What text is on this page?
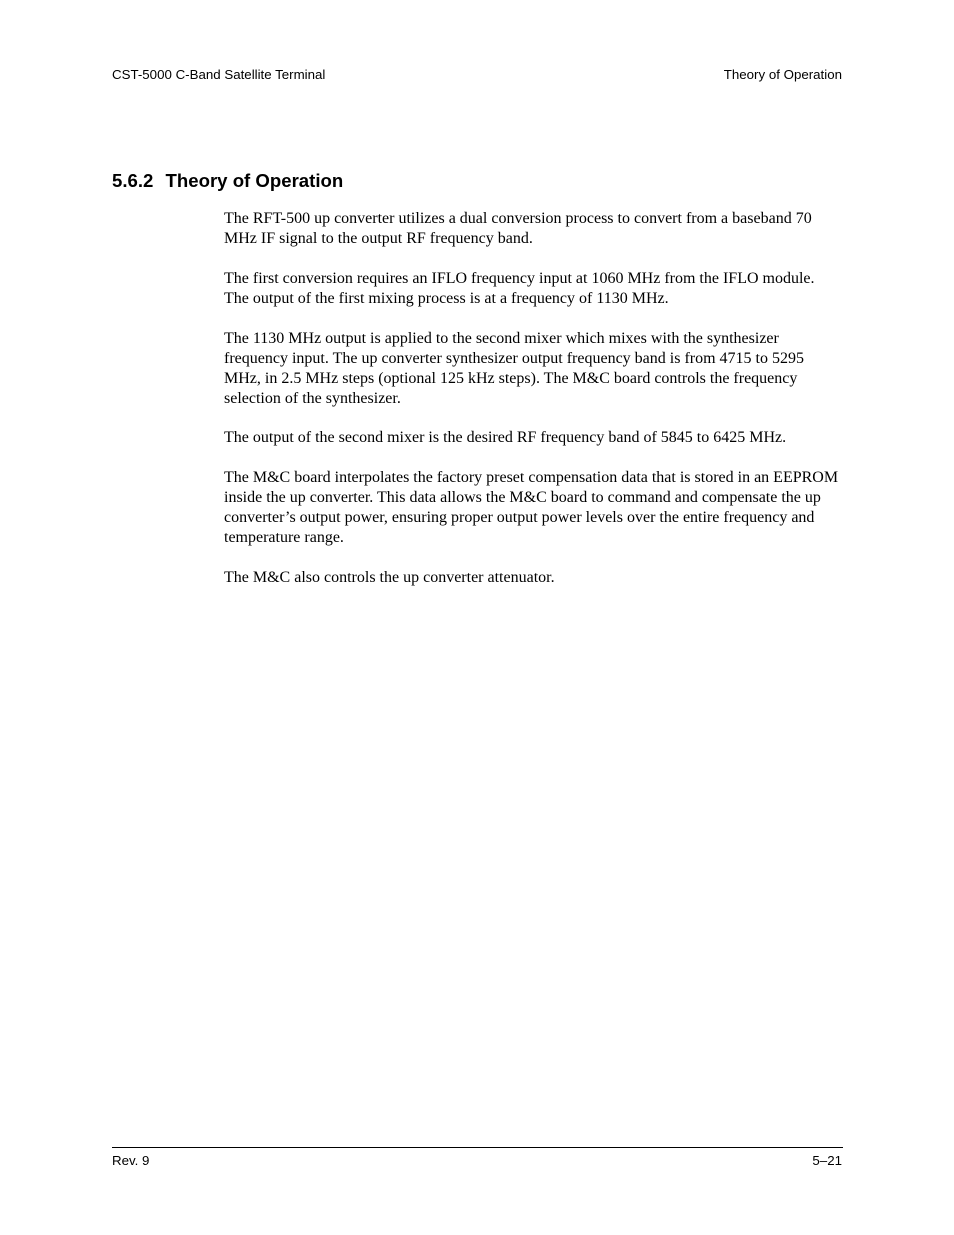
CST-5000 C-Band Satellite Terminal	Theory of Operation
5.6.2 Theory of Operation

The RFT-500 up converter utilizes a dual conversion process to convert from a baseband 70 MHz IF signal to the output RF frequency band.

The first conversion requires an IFLO frequency input at 1060 MHz from the IFLO module. The output of the first mixing process is at a frequency of 1130 MHz.

The 1130 MHz output is applied to the second mixer which mixes with the synthesizer frequency input. The up converter synthesizer output frequency band is from 4715 to 5295 MHz, in 2.5 MHz steps (optional 125 kHz steps). The M&C board controls the frequency selection of the synthesizer.

The output of the second mixer is the desired RF frequency band of 5845 to 6425 MHz.

The M&C board interpolates the factory preset compensation data that is stored in an EEPROM inside the up converter. This data allows the M&C board to command and compensate the up converter’s output power, ensuring proper output power levels over the entire frequency and temperature range.

The M&C also controls the up converter attenuator.

Rev. 9	5–21
